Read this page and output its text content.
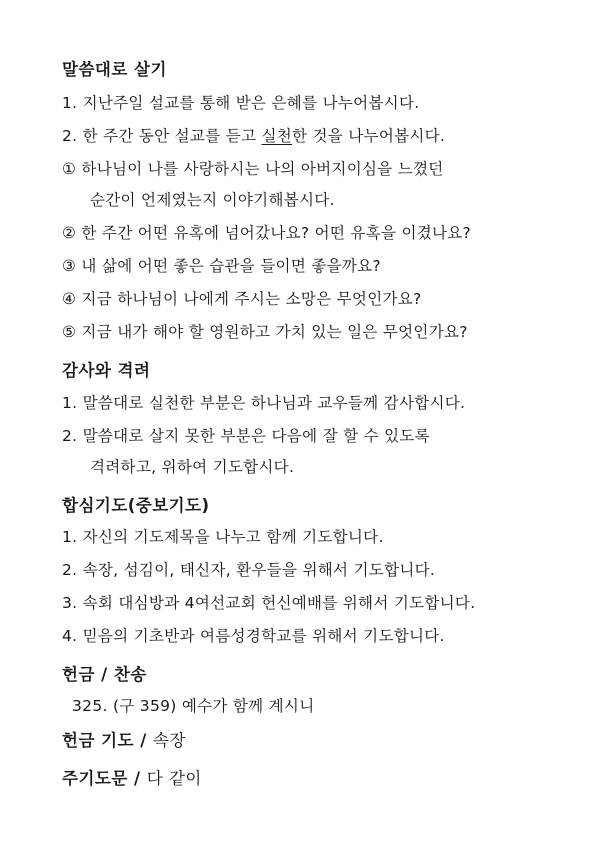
말씀대로 살기
1. 지난주일 설교를 통해 받은 은혜를 나누어봅시다.
2. 한 주간 동안 설교를 듣고 실천한 것을 나누어봅시다.
① 하나님이 나를 사랑하시는 나의 아버지이심을 느꼈던
순간이 언제였는지 이야기해봅시다.
② 한 주간 어떤 유혹에 넘어갔나요? 어떤 유혹을 이겼나요?
③ 내 삶에 어떤 좋은 습관을 들이면 좋을까요?
④ 지금 하나님이 나에게 주시는 소망은 무엇인가요?
⑤ 지금 내가 해야 할 영원하고 가치 있는 일은 무엇인가요?
감사와 격려
1. 말씀대로 실천한 부분은 하나님과 교우들께 감사합시다.
2. 말씀대로 살지 못한 부분은 다음에 잘 할 수 있도록
격려하고, 위하여 기도합시다.
합심기도(중보기도)
1. 자신의 기도제목을 나누고 함께 기도합니다.
2. 속장, 섬김이, 태신자, 환우들을 위해서 기도합니다.
3. 속회 대심방과 4여선교회 헌신예배를 위해서 기도합니다.
4. 믿음의 기초반과 여름성경학교를 위해서 기도합니다.
헌금 / 찬송
325. (구 359) 예수가 함께 계시니
헌금 기도 / 속장
주기도문 / 다 같이
